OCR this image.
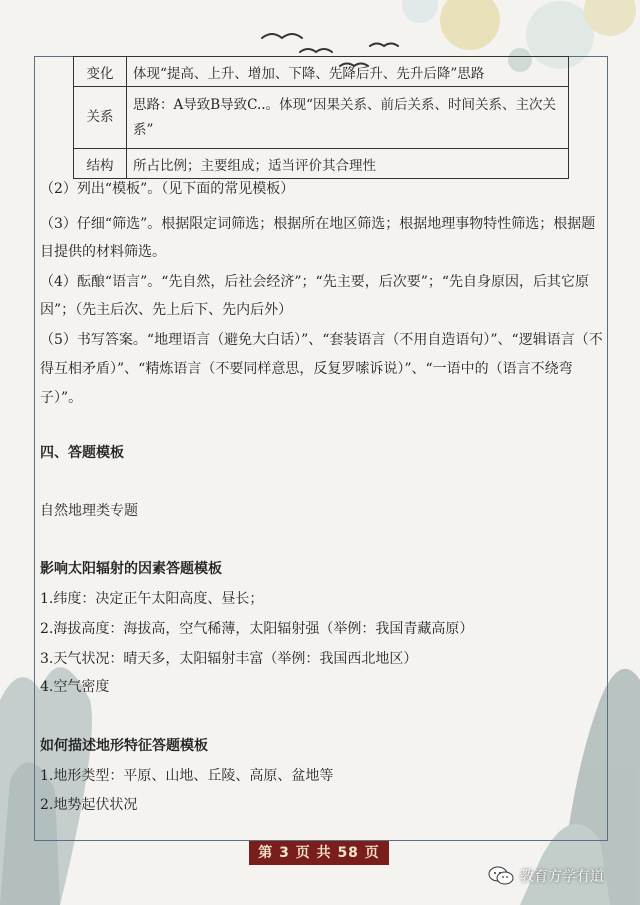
变化	体现“提高、上升、增加、下降、先降后升、先升后降”思路
关系	思路：A导致B导致C..。体现“因果关系、前后关系、时间关系、主次关系”
结构	所占比例；主要组成；适当评价其合理性

（2）列出“模板”。（见下面的常见模板）

（3）仔细“筛选”。根据限定词筛选；根据所在地区筛选；根据地理事物特性筛选；根据题目提供的材料筛选。

（4）酝酿“语言”。“先自然，后社会经济”；“先主要，后次要”；“先自身原因，后其它原因”；（先主后次、先上后下、先内后外）

（5）书写答案。“地理语言（避免大白话）”、“套装语言（不用自造语句）”、“逻辑语言（不得互相矛盾）”、“精炼语言（不要同样意思，反复罗嗦诉说）”、“一语中的（语言不绕弯子）”。

四、答题模板

自然地理类专题

影响太阳辐射的因素答题模板

1.纬度：决定正午太阳高度、昼长；

2.海拔高度：海拔高，空气稀薄，太阳辐射强（举例：我国青藏高原）

3.天气状况：晴天多，太阳辐射丰富（举例：我国西北地区）

4.空气密度

如何描述地形特征答题模板

1.地形类型：平原、山地、丘陵、高原、盆地等

2.地势起伏状况

第 3 页 共 58 页
教育方学有道
